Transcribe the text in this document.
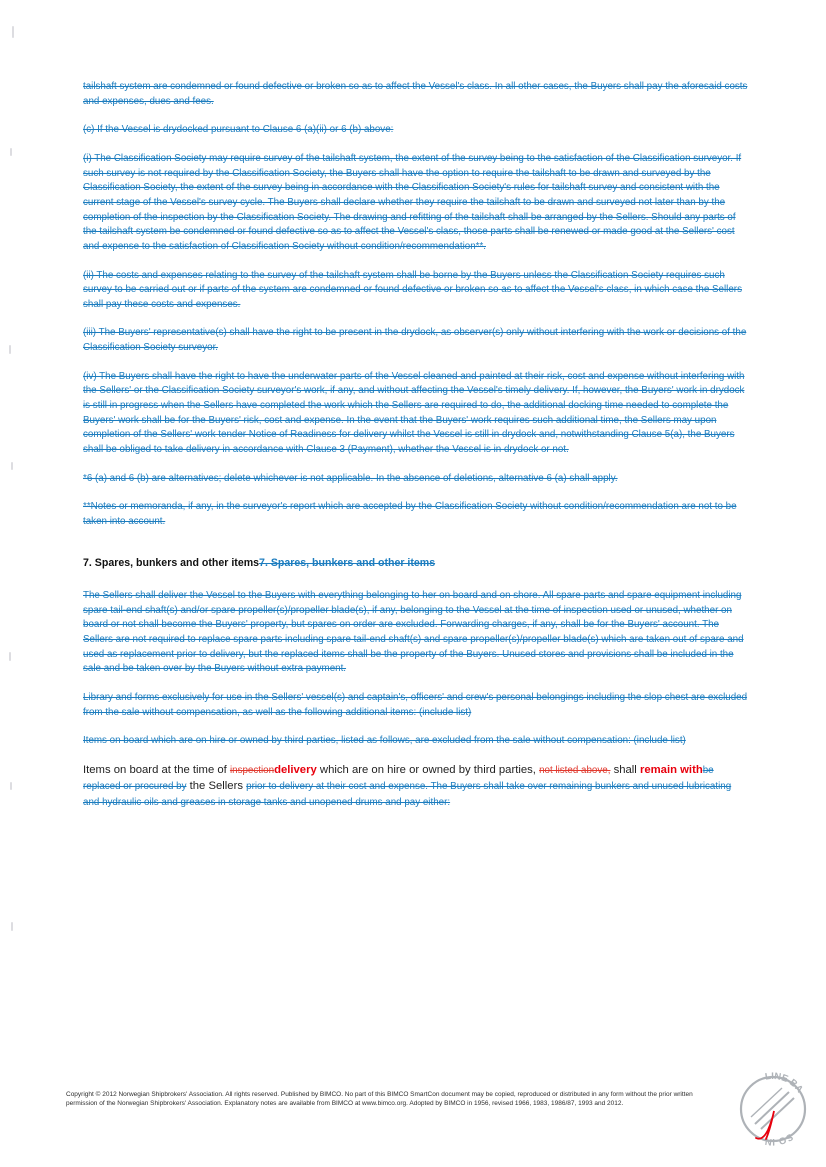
tailshaft system are condemned or found defective or broken so as to affect the Vessel's class. In all other cases, the Buyers shall pay the aforesaid costs and expenses, dues and fees.

(c) If the Vessel is drydocked pursuant to Clause 6 (a)(ii) or 6 (b) above:

(i) The Classification Society may require survey of the tailshaft system, the extent of the survey being to the satisfaction of the Classification surveyor. If such survey is not required by the Classification Society, the Buyers shall have the option to require the tailshaft to be drawn and surveyed by the Classification Society, the extent of the survey being in accordance with the Classification Society's rules for tailshaft survey and consistent with the current stage of the Vessel's survey cycle. The Buyers shall declare whether they require the tailshaft to be drawn and surveyed not later than by the completion of the inspection by the Classification Society. The drawing and refitting of the tailshaft shall be arranged by the Sellers. Should any parts of the tailshaft system be condemned or found defective so as to affect the Vessel's class, those parts shall be renewed or made good at the Sellers' cost and expense to the satisfaction of Classification Society without condition/recommendation**.

(ii) The costs and expenses relating to the survey of the tailshaft system shall be borne by the Buyers unless the Classification Society requires such survey to be carried out or if parts of the system are condemned or found defective or broken so as to affect the Vessel's class, in which case the Sellers shall pay these costs and expenses.

(iii) The Buyers' representative(s) shall have the right to be present in the drydock, as observer(s) only without interfering with the work or decisions of the Classification Society surveyor.

(iv) The Buyers shall have the right to have the underwater parts of the Vessel cleaned and painted at their risk, cost and expense without interfering with the Sellers' or the Classification Society surveyor's work, if any, and without affecting the Vessel's timely delivery. If, however, the Buyers' work in drydock is still in progress when the Sellers have completed the work which the Sellers are required to do, the additional docking time needed to complete the Buyers' work shall be for the Buyers' risk, cost and expense. In the event that the Buyers' work requires such additional time, the Sellers may upon completion of the Sellers' work tender Notice of Readiness for delivery whilst the Vessel is still in drydock and, notwithstanding Clause 5(a), the Buyers shall be obliged to take delivery in accordance with Clause 3 (Payment), whether the Vessel is in drydock or not.

*6 (a) and 6 (b) are alternatives; delete whichever is not applicable. In the absence of deletions, alternative 6 (a) shall apply.

**Notes or memoranda, if any, in the surveyor's report which are accepted by the Classification Society without condition/recommendation are not to be taken into account.

7. Spares, bunkers and other items7. Spares, bunkers and other items

The Sellers shall deliver the Vessel to the Buyers with everything belonging to her on board and on shore. All spare parts and spare equipment including spare tail-end shaft(s) and/or spare propeller(s)/propeller blade(s), if any, belonging to the Vessel at the time of inspection used or unused, whether on board or not shall become the Buyers' property, but spares on order are excluded. Forwarding charges, if any, shall be for the Buyers' account. The Sellers are not required to replace spare parts including spare tail-end shaft(s) and spare propeller(s)/propeller blade(s) which are taken out of spare and used as replacement prior to delivery, but the replaced items shall be the property of the Buyers. Unused stores and provisions shall be included in the sale and be taken over by the Buyers without extra payment.

Library and forms exclusively for use in the Sellers' vessel(s) and captain's, officers' and crew's personal belongings including the slop chest are excluded from the sale without compensation, as well as the following additional items: (include list)

Items on board which are on hire or owned by third parties, listed as follows, are excluded from the sale without compensation: (include list)

Items on board at the time of inspectiondelivery which are on hire or owned by third parties, not listed above, shall remain withbe replaced or procured by the Sellers prior to delivery at their cost and expense. The Buyers shall take over remaining bunkers and unused lubricating and hydraulic oils and greases in storage tanks and unopened drums and pay either:

Copyright © 2012 Norwegian Shipbrokers' Association. All rights reserved. Published by BIMCO. No part of this BIMCO SmartCon document may be copied, reproduced or distributed in any form without the prior written
permission of the Norwegian Shipbrokers' Association. Explanatory notes are available from BIMCO at www.bimco.org. Adopted by BIMCO in 1956, revised 1966, 1983, 1986/87, 1993 and 2012.
LINE BA
SO-IN
